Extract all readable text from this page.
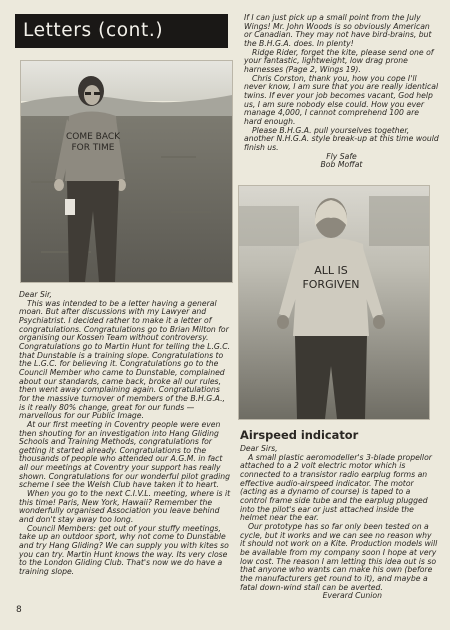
Letters (cont.)
COME BACK
FOR TIME
ALL IS
FORGIVEN

If I can just pick up a small point from the July Wings! Mr. John Woods is so obviously American or Canadian. They may not have bird-brains, but the B.H.G.A. does. In plenty!

Ridge Rider, forget the kite, please send one of your fantastic, lightweight, low drag prone harnesses (Page 2, Wings 19).

Chris Corston, thank you, how you cope I'll never know, I am sure that you are really identical twins. If ever your job becomes vacant, God help us, I am sure nobody else could. How you ever manage 4,000, I cannot comprehend 100 are hard enough.

Please B.H.G.A. pull yourselves together, another N.H.G.A. style break-up at this time would finish us.

Fly Safe

Bob Moffat

Dear Sir,

This was intended to be a letter having a general moan. But after discussions with my Lawyer and Psychiatrist. I decided rather to make it a letter of congratulations. Congratulations go to Brian Milton for organising our Kossen Team without controversy. Congratulations go to Martin Hunt for telling the L.G.C. that Dunstable is a training slope. Congratulations to the L.G.C. for believing it. Congratulations go to the Council Member who came to Dunstable, complained about our standards, came back, broke all our rules, then went away complaining again. Congratulations for the massive turnover of members of the B.H.G.A., is it really 80% change, great for our funds — marvellous for our Public Image.

At our first meeting in Coventry people were even then shouting for an investigation into Hang Gliding Schools and Training Methods, congratulations for getting it started already. Congratulations to the thousands of people who attended our A.G.M. in fact all our meetings at Coventry your support has really shown. Congratulations for our wonderful pilot grading scheme I see the Welsh Club have taken it to heart.

When you go to the next C.I.V.L. meeting, where is it this time! Paris, New York, Hawaii? Remember the wonderfully organised Association you leave behind and don't stay away too long.

Council Members: get out of your stuffy meetings, take up an outdoor sport, why not come to Dunstable and try Hang Gliding? We can supply you with kites so you can try. Martin Hunt knows the way. Its very close to the London Gliding Club. That's now we do have a training slope.

Airspeed indicator

Dear Sirs,

A small plastic aeromodeller's 3-blade propellor attached to a 2 volt electric motor which is connected to a transistor radio earplug forms an effective audio-airspeed indicator. The motor (acting as a dynamo of course) is taped to a control frame side tube and the earplug plugged into the pilot's ear or just attached inside the helmet near the ear.

Our prototype has so far only been tested on a cycle, but it works and we can see no reason why it should not work on a Kite. Production models will be available from my company soon I hope at very low cost. The reason I am letting this idea out is so that anyone who wants can make his own (before the manufacturers get round to it), and maybe a fatal down-wind stall can be averted.

Everard Cunion

8
